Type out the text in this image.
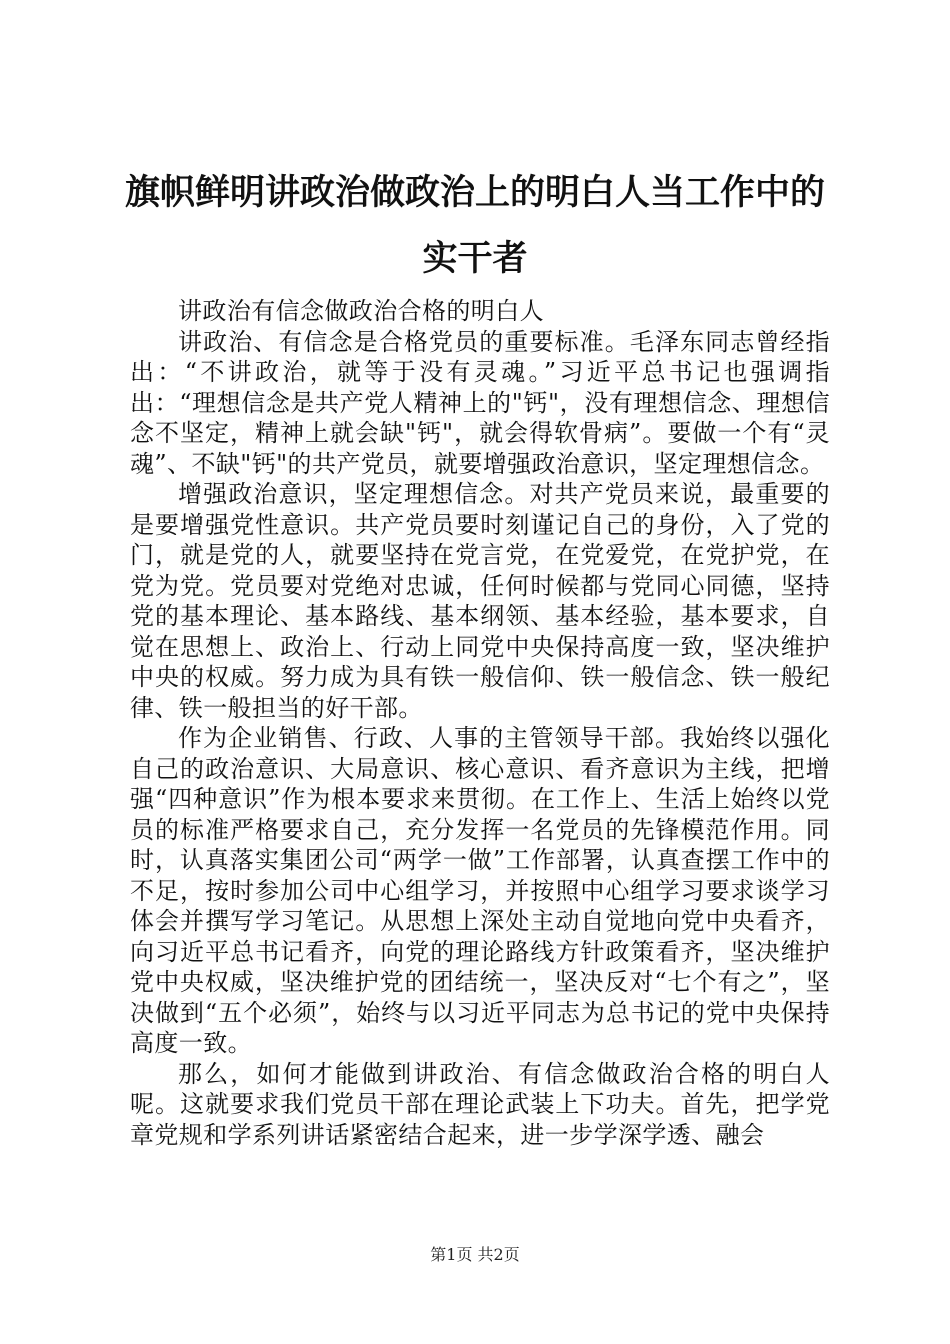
旗帜鲜明讲政治做政治上的明白人当工作中的实干者

讲政治有信念做政治合格的明白人

讲政治、有信念是合格党员的重要标准。毛泽东同志曾经指出：“不讲政治，就等于没有灵魂。”习近平总书记也强调指出：“理想信念是共产党人精神上的"钙"，没有理想信念、理想信念不坚定，精神上就会缺"钙"，就会得软骨病”。要做一个有“灵魂”、不缺"钙"的共产党员，就要增强政治意识，坚定理想信念。

增强政治意识，坚定理想信念。对共产党员来说，最重要的是要增强党性意识。共产党员要时刻谨记自己的身份，入了党的门，就是党的人，就要坚持在党言党，在党爱党，在党护党，在党为党。党员要对党绝对忠诚，任何时候都与党同心同德，坚持党的基本理论、基本路线、基本纲领、基本经验，基本要求，自觉在思想上、政治上、行动上同党中央保持高度一致，坚决维护中央的权威。努力成为具有铁一般信仰、铁一般信念、铁一般纪律、铁一般担当的好干部。

作为企业销售、行政、人事的主管领导干部。我始终以强化自己的政治意识、大局意识、核心意识、看齐意识为主线，把增强“四种意识”作为根本要求来贯彻。在工作上、生活上始终以党员的标准严格要求自己，充分发挥一名党员的先锋模范作用。同时，认真落实集团公司“两学一做”工作部署，认真查摆工作中的不足，按时参加公司中心组学习，并按照中心组学习要求谈学习体会并撰写学习笔记。从思想上深处主动自觉地向党中央看齐，向习近平总书记看齐，向党的理论路线方针政策看齐，坚决维护党中央权威，坚决维护党的团结统一，坚决反对“七个有之”，坚决做到“五个必须”，始终与以习近平同志为总书记的党中央保持高度一致。

那么，如何才能做到讲政治、有信念做政治合格的明白人呢。这就要求我们党员干部在理论武装上下功夫。首先，把学党章党规和学系列讲话紧密结合起来，进一步学深学透、融会

第1页 共2页
